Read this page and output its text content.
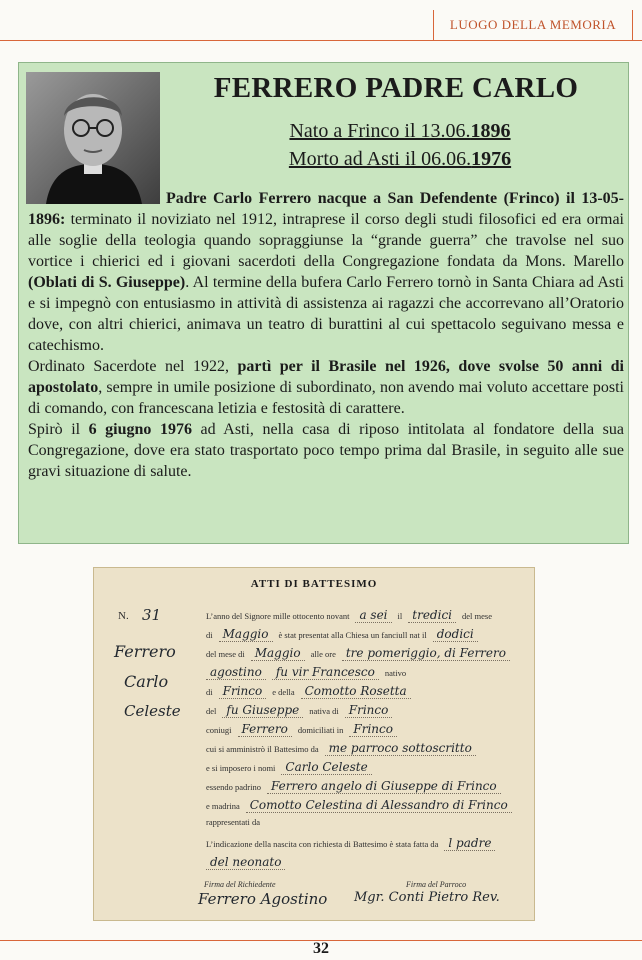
LUOGO DELLA MEMORIA
FERRERO PADRE CARLO
Nato a Frinco il 13.06.1896
Morto ad Asti il 06.06.1976

Padre Carlo Ferrero nacque a San Defendente (Frinco) il 13-05-1896: terminato il noviziato nel 1912, intraprese il corso degli studi filosofici ed era ormai alle soglie della teologia quando sopraggiunse la “grande guerra” che travolse nel suo vortice i chierici ed i giovani sacerdoti della Congregazione fondata da Mons. Marello (Oblati di S. Giuseppe). Al termine della bufera Carlo Ferrero tornò in Santa Chiara ad Asti e si impegnò con entusiasmo in attività di assistenza ai ragazzi che accorrevano all’Oratorio dove, con altri chierici, animava un teatro di burattini al cui spettacolo seguivano messa e catechismo.

Ordinato Sacerdote nel 1922, partì per il Brasile nel 1926, dove svolse 50 anni di apostolato, sempre in umile posizione di subordinato, non avendo mai voluto accettare posti di comando, con francescana letizia e festosità di carattere.

Spirò il 6 giugno 1976 ad Asti, nella casa di riposo intitolata al fondatore della sua Congregazione, dove era stato trasportato poco tempo prima dal Brasile, in seguito alle sue gravi situazione di salute.

ATTI DI BATTESIMO
N. 31
Ferrero
Carlo
Celeste
L’anno del Signore mille ottocento novant a sei	il tredici	del mese
di Maggio	è stat presentat alla Chiesa un fanciull nat il dodici
del mese di Maggio	alle ore tre pomeriggio, di Ferrero
agostino	fu vir Francesco	nativo
di Frinco	e della Comotto Rosetta
del fu Giuseppe	nativa di Frinco
coniugi Ferrero	domiciliati in Frinco
cui si amministrò il Battesimo da me parroco sottoscritto
e si imposero i nomi Carlo Celeste
essendo padrino Ferrero angelo di Giuseppe di Frinco
e madrina Comotto Celestina di Alessandro di Frinco
rappresentati da
L’indicazione della nascita con richiesta di Battesimo è stata fatta da l padre
del neonato
Firma del Richiedente	Firma del Parroco
Ferrero Agostino Mgr. Conti Pietro Rev.
32
